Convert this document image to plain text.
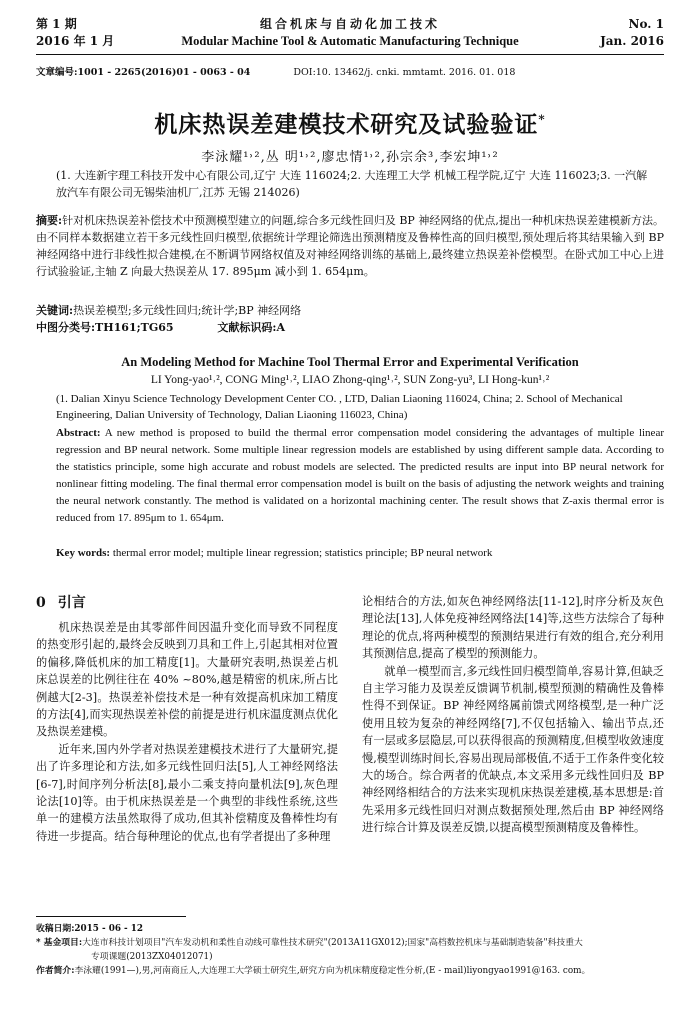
第 1 期
2016 年 1 月
组合机床与自动化加工技术
Modular Machine Tool & Automatic Manufacturing Technique
No. 1
Jan. 2016
文章编号:1001 - 2265(2016)01 - 0063 - 04	DOI:10. 13462/j. cnki. mmtamt. 2016. 01. 018
机床热误差建模技术研究及试验验证*
李泳耀¹˒²,丛 明¹˒²,廖忠情¹˒²,孙宗余³,李宏坤¹˒²
(1. 大连新宇理工科技开发中心有限公司,辽宁 大连 116024;2. 大连理工大学 机械工程学院,辽宁 大连 116023;3. 一汽解放汽车有限公司无锡柴油机厂,江苏 无锡 214026)
摘要:针对机床热误差补偿技术中预测模型建立的问题,综合多元线性回归及 BP 神经网络的优点,提出一种机床热误差建模新方法。由不同样本数据建立若干多元线性回归模型,依据统计学理论筛选出预测精度及鲁棒性高的回归模型,预处理后将其结果输入到 BP 神经网络中进行非线性拟合建模,在不断调节网络权值及对神经网络训练的基础上,最终建立热误差补偿模型。在卧式加工中心上进行试验验证,主轴 Z 向最大热误差从 17. 895μm 减小到 1. 654μm。
关键词:热误差模型;多元线性回归;统计学;BP 神经网络
中图分类号:TH161;TG65	文献标识码:A
An Modeling Method for Machine Tool Thermal Error and Experimental Verification
LI Yong-yao¹˒², CONG Ming¹˒², LIAO Zhong-qing¹˒², SUN Zong-yu³, LI Hong-kun¹˒²
(1. Dalian Xinyu Science Technology Development Center CO. , LTD, Dalian Liaoning 116024, China; 2. School of Mechanical Engineering, Dalian University of Technology, Dalian Liaoning 116023, China)
Abstract: A new method is proposed to build the thermal error compensation model considering the advantages of multiple linear regression and BP neural network. Some multiple linear regression models are established by using different sample data. According to the statistics principle, some high accurate and robust models are selected. The predicted results are input into BP neural network for nonlinear fitting modeling. The final thermal error compensation model is built on the basis of adjusting the network weights and training the neural network constantly. The method is validated on a horizontal machining center. The result shows that Z-axis thermal error is reduced from 17. 895μm to 1. 654μm.
Key words: thermal error model; multiple linear regression; statistics principle; BP neural network
0 引言

机床热误差是由其零部件间因温升变化而导致不同程度的热变形引起的,最终会反映到刀具和工件上,引起其相对位置的偏移,降低机床的加工精度[1]。大量研究表明,热误差占机床总误差的比例往往在 40% ~80%,越是精密的机床,所占比例越大[2-3]。热误差补偿技术是一种有效提高机床加工精度的方法[4],而实现热误差补偿的前提是进行机床温度测点优化及热误差建模。

近年来,国内外学者对热误差建模技术进行了大量研究,提出了许多理论和方法,如多元线性回归法[5],人工神经网络法[6-7],时间序列分析法[8],最小二乘支持向量机法[9],灰色理论法[10]等。由于机床热误差是一个典型的非线性系统,这些单一的建模方法虽然取得了成功,但其补偿精度及鲁棒性均有待进一步提高。结合每种理论的优点,也有学者提出了多种理

论相结合的方法,如灰色神经网络法[11-12],时序分析及灰色理论法[13],人体免疫神经网络法[14]等,这些方法综合了每种理论的优点,将两种模型的预测结果进行有效的组合,充分利用其预测信息,提高了模型的预测能力。

就单一模型而言,多元线性回归模型简单,容易计算,但缺乏自主学习能力及误差反馈调节机制,模型预测的精确性及鲁棒性得不到保证。BP 神经网络属前馈式网络模型,是一种广泛使用且较为复杂的神经网络[7],不仅包括输入、输出节点,还有一层或多层隐层,可以获得很高的预测精度,但模型收敛速度慢,模型训练时间长,容易出现局部极值,不适于工作条件变化较大的场合。综合两者的优缺点,本文采用多元线性回归及 BP 神经网络相结合的方法来实现机床热误差建模,基本思想是:首先采用多元线性回归对测点数据预处理,然后由 BP 神经网络进行综合计算及误差反馈,以提高模型预测精度及鲁棒性。

收稿日期:2015 - 06 - 12
* 基金项目:大连市科技计划项目"汽车发动机和柔性自动线可靠性技术研究"(2013A11GX012);国家"高档数控机床与基础制造装备"科技重大
专项课题(2013ZX04012071)
作者简介:李泳耀(1991—),男,河南商丘人,大连理工大学硕士研究生,研究方向为机床精度稳定性分析,(E - mail)liyongyao1991@163. com。
